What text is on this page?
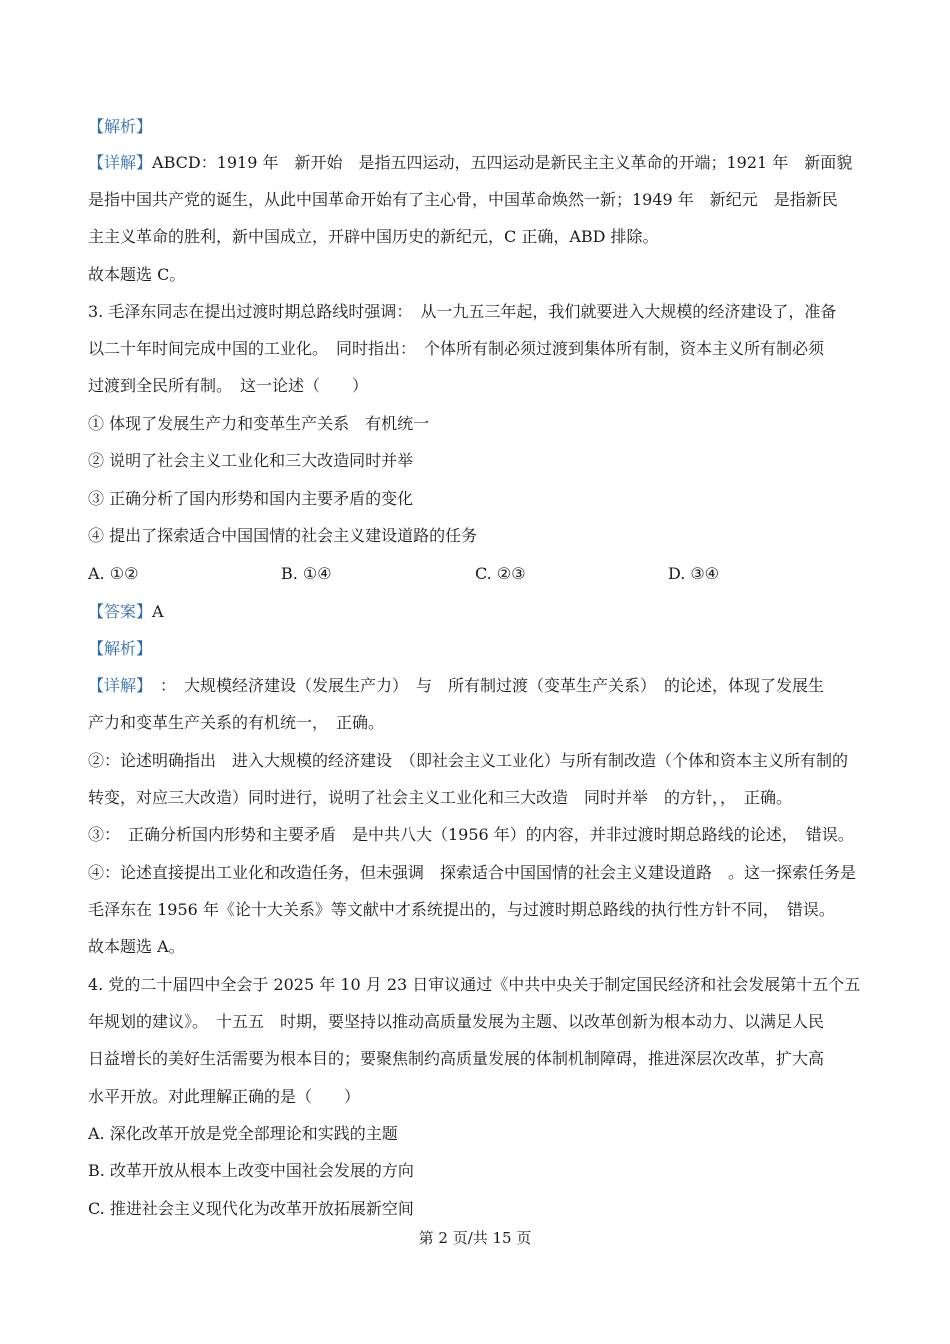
【解析】
【详解】ABCD：1919 年　新开始　是指五四运动，五四运动是新民主主义革命的开端；1921 年　新面貌
是指中国共产党的诞生，从此中国革命开始有了主心骨，中国革命焕然一新；1949 年　新纪元　是指新民
主主义革命的胜利，新中国成立，开辟中国历史的新纪元，C 正确，ABD 排除。
故本题选 C。
3. 毛泽东同志在提出过渡时期总路线时强调：　从一九五三年起，我们就要进入大规模的经济建设了，准备
以二十年时间完成中国的工业化。　同时指出：　个体所有制必须过渡到集体所有制，资本主义所有制必须
过渡到全民所有制。　这一论述（　　）
① 体现了发展生产力和变革生产关系　有机统一
② 说明了社会主义工业化和三大改造同时并举
③ 正确分析了国内形势和国内主要矛盾的变化
④ 提出了探索适合中国国情的社会主义建设道路的任务
A. ①②	B. ①④	C. ②③	D. ③④
【答案】A
【解析】
【详解】　：　大规模经济建设（发展生产力）　与　所有制过渡（变革生产关系）　的论述，体现了发展生
产力和变革生产关系的有机统一，　正确。
②：论述明确指出　进入大规模的经济建设　（即社会主义工业化）与所有制改造（个体和资本主义所有制的
转变，对应三大改造）同时进行，说明了社会主义工业化和三大改造　同时并举　的方针，，　正确。
③：　正确分析国内形势和主要矛盾　是中共八大（1956 年）的内容，并非过渡时期总路线的论述，　错误。
④：论述直接提出工业化和改造任务，但未强调　探索适合中国国情的社会主义建设道路　。这一探索任务是
毛泽东在 1956 年《论十大关系》等文献中才系统提出的，与过渡时期总路线的执行性方针不同，　错误。
故本题选 A。
4. 党的二十届四中全会于 2025 年 10 月 23 日审议通过《中共中央关于制定国民经济和社会发展第十五个五
年规划的建议》。　十五五　时期，要坚持以推动高质量发展为主题、以改革创新为根本动力、以满足人民
日益增长的美好生活需要为根本目的；要聚焦制约高质量发展的体制机制障碍，推进深层次改革，扩大高
水平开放。对此理解正确的是（　　）
A. 深化改革开放是党全部理论和实践的主题
B. 改革开放从根本上改变中国社会发展的方向
C. 推进社会主义现代化为改革开放拓展新空间
第 2 页/共 15 页
